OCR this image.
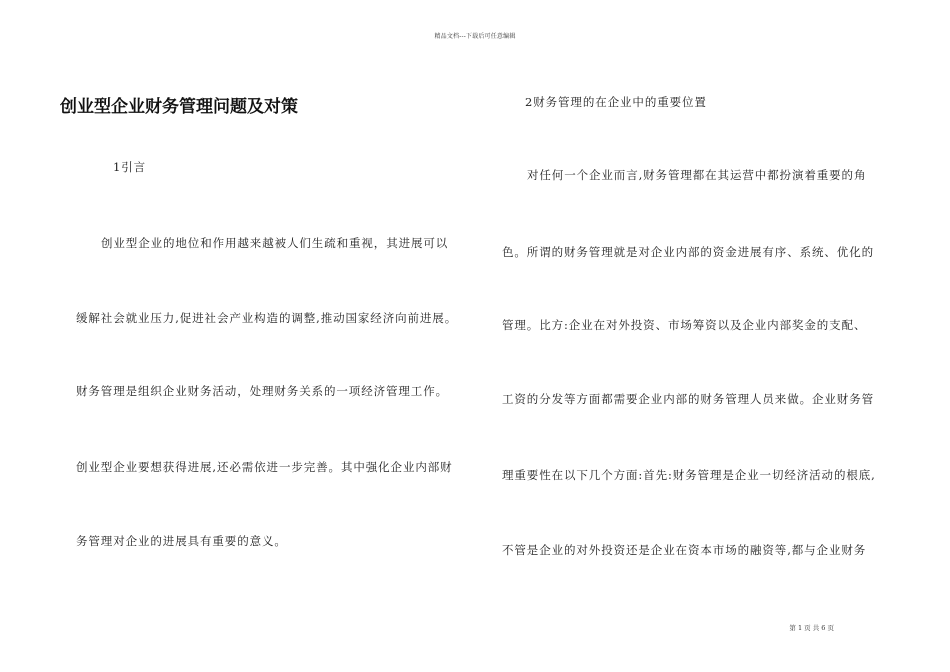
精品文档---下载后可任意编辑
创业型企业财务管理问题及对策
1引言
创业型企业的地位和作用越来越被人们生疏和重视，其进展可以
缓解社会就业压力,促进社会产业构造的调整,推动国家经济向前进展。
财务管理是组织企业财务活动，处理财务关系的一项经济管理工作。
创业型企业要想获得进展,还必需依进一步完善。其中强化企业内部财
务管理对企业的进展具有重要的意义。
2财务管理的在企业中的重要位置
对任何一个企业而言,财务管理都在其运营中都扮演着重要的角
色。所谓的财务管理就是对企业内部的资金进展有序、系统、优化的
管理。比方:企业在对外投资、市场筹资以及企业内部奖金的支配、
工资的分发等方面都需要企业内部的财务管理人员来做。企业财务管
理重要性在以下几个方面:首先:财务管理是企业一切经济活动的根底,
不管是企业的对外投资还是企业在资本市场的融资等,都与企业财务
第 1 页 共 6 页
